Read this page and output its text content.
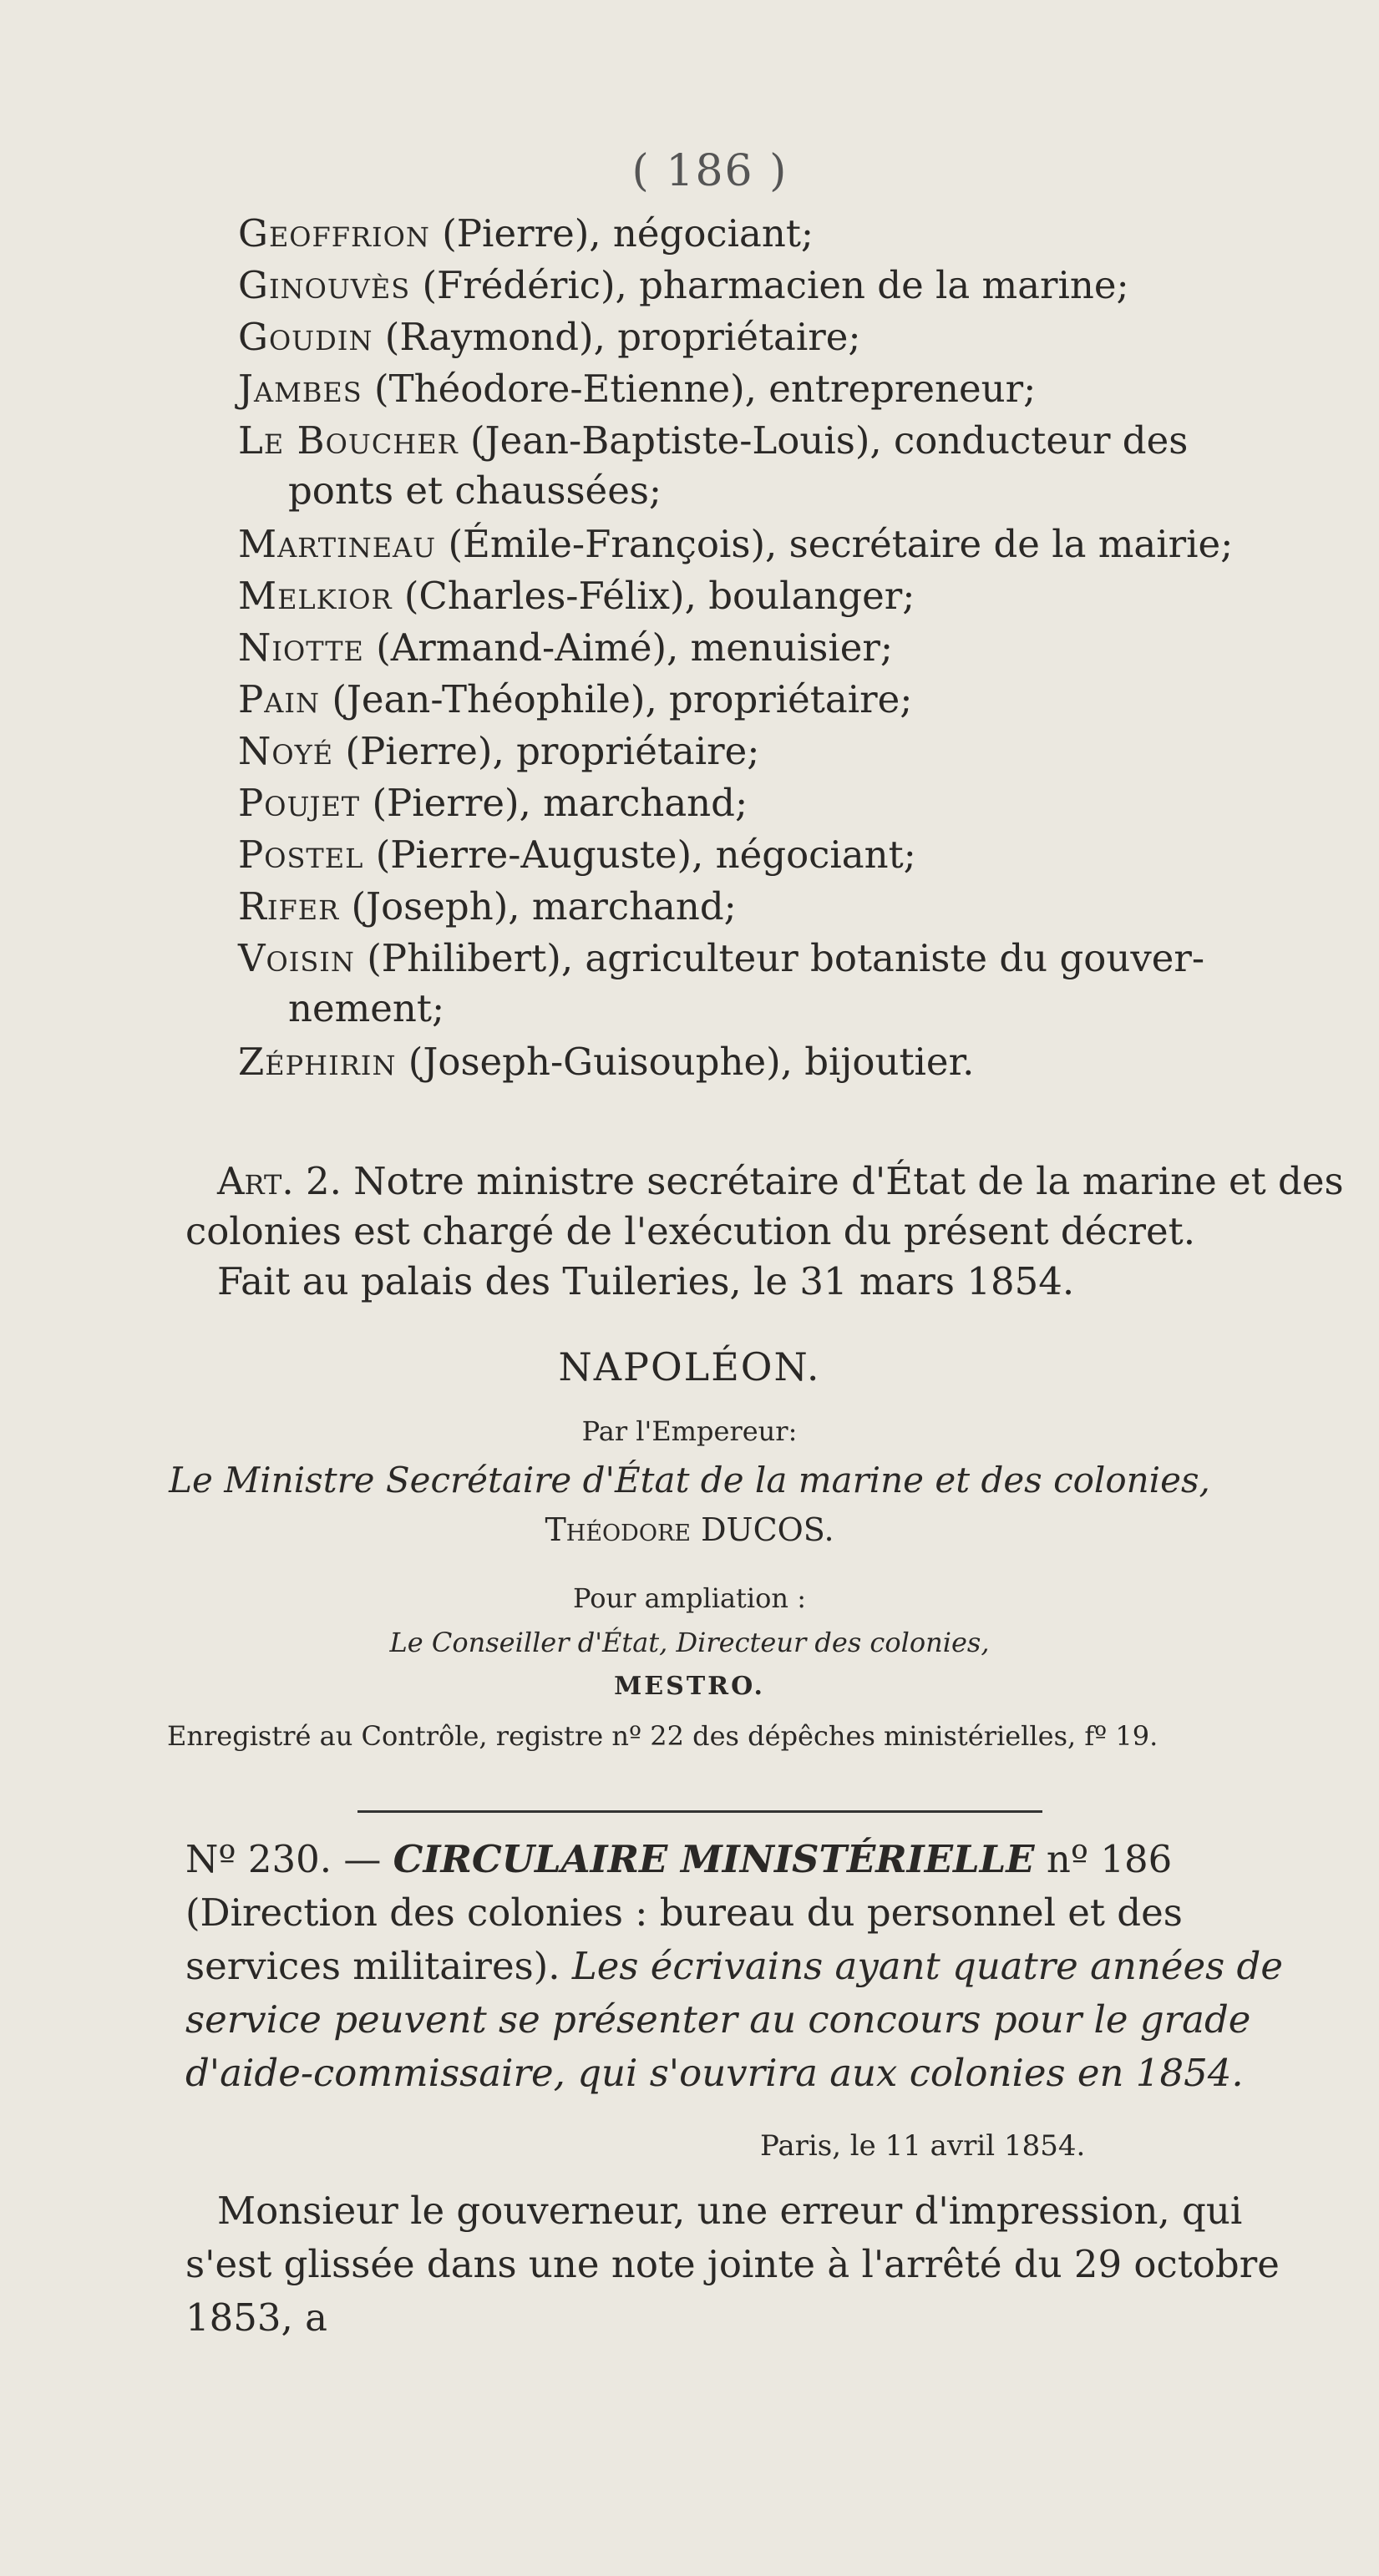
( 186 )
Geoffrion (Pierre), négociant;
Ginouvès (Frédéric), pharmacien de la marine;
Goudin (Raymond), propriétaire;
Jambes (Théodore-Etienne), entrepreneur;
Le Boucher (Jean-Baptiste-Louis), conducteur des
ponts et chaussées;
Martineau (Émile-François), secrétaire de la mairie;
Melkior (Charles-Félix), boulanger;
Niotte (Armand-Aimé), menuisier;
Pain (Jean-Théophile), propriétaire;
Noyé (Pierre), propriétaire;
Poujet (Pierre), marchand;
Postel (Pierre-Auguste), négociant;
Rifer (Joseph), marchand;
Voisin (Philibert), agriculteur botaniste du gouver-
nement;
Zéphirin (Joseph-Guisouphe), bijoutier.
Art. 2. Notre ministre secrétaire d'État de la marine et des
colonies est chargé de l'exécution du présent décret.
Fait au palais des Tuileries, le 31 mars 1854.
NAPOLÉON.
Par l'Empereur:
Le Ministre Secrétaire d'État de la marine et des colonies,
Théodore DUCOS.
Pour ampliation :
Le Conseiller d'État, Directeur des colonies,
MESTRO.
Enregistré au Contrôle, registre nº 22 des dépêches ministérielles, fº 19.
Nº 230. — CIRCULAIRE MINISTÉRIELLE nº 186 (Direction des colonies : bureau du personnel et des services militaires). Les écrivains ayant quatre années de service peuvent se présenter au concours pour le grade d'aide-commissaire, qui s'ouvrira aux colonies en 1854.
Paris, le 11 avril 1854.
Monsieur le gouverneur, une erreur d'impression, qui s'est glissée dans une note jointe à l'arrêté du 29 octobre 1853, a
